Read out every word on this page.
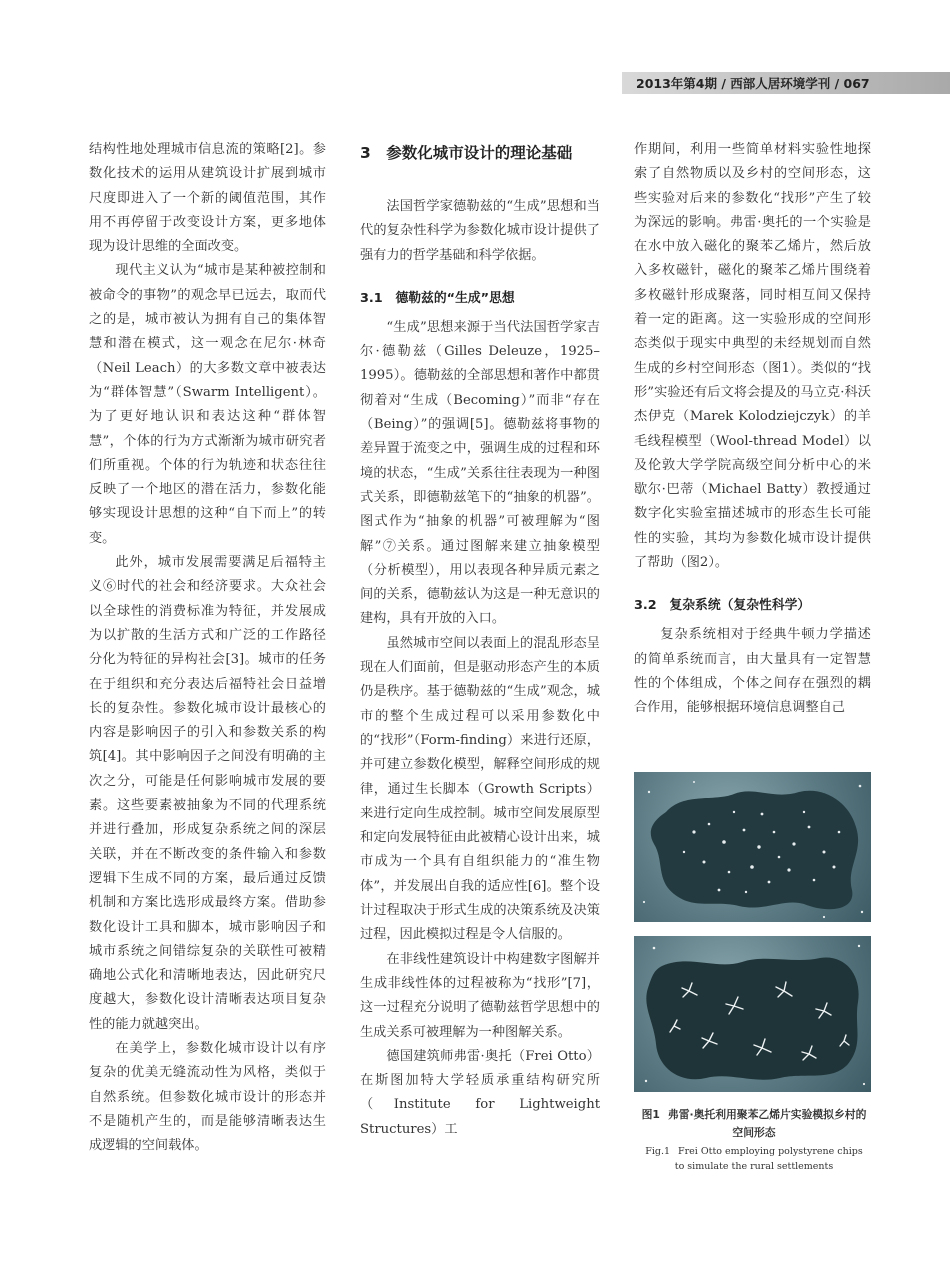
2013年第4期 / 西部人居环境学刊 / 067

结构性地处理城市信息流的策略[2]。参数化技术的运用从建筑设计扩展到城市尺度即进入了一个新的阈值范围，其作用不再停留于改变设计方案，更多地体现为设计思维的全面改变。

现代主义认为“城市是某种被控制和被命令的事物”的观念早已远去，取而代之的是，城市被认为拥有自己的集体智慧和潜在模式，这一观念在尼尔·林奇（Neil Leach）的大多数文章中被表达为“群体智慧”（Swarm Intelligent）。为了更好地认识和表达这种“群体智慧”，个体的行为方式渐渐为城市研究者们所重视。个体的行为轨迹和状态往往反映了一个地区的潜在活力，参数化能够实现设计思想的这种“自下而上”的转变。

此外，城市发展需要满足后福特主义⑥时代的社会和经济要求。大众社会以全球性的消费标准为特征，并发展成为以扩散的生活方式和广泛的工作路径分化为特征的异构社会[3]。城市的任务在于组织和充分表达后福特社会日益增长的复杂性。参数化城市设计最核心的内容是影响因子的引入和参数关系的构筑[4]。其中影响因子之间没有明确的主次之分，可能是任何影响城市发展的要素。这些要素被抽象为不同的代理系统并进行叠加，形成复杂系统之间的深层关联，并在不断改变的条件输入和参数逻辑下生成不同的方案，最后通过反馈机制和方案比选形成最终方案。借助参数化设计工具和脚本，城市影响因子和城市系统之间错综复杂的关联性可被精确地公式化和清晰地表达，因此研究尺度越大，参数化设计清晰表达项目复杂性的能力就越突出。

在美学上，参数化城市设计以有序复杂的优美无缝流动性为风格，类似于自然系统。但参数化城市设计的形态并不是随机产生的，而是能够清晰表达生成逻辑的空间载体。

3　参数化城市设计的理论基础

法国哲学家德勒兹的“生成”思想和当代的复杂性科学为参数化城市设计提供了强有力的哲学基础和科学依据。

3.1　德勒兹的“生成”思想

“生成”思想来源于当代法国哲学家吉尔·德勒兹（Gilles Deleuze，1925–1995）。德勒兹的全部思想和著作中都贯彻着对“生成（Becoming）”而非“存在（Being）”的强调[5]。德勒兹将事物的差异置于流变之中，强调生成的过程和环境的状态，“生成”关系往往表现为一种图式关系，即德勒兹笔下的“抽象的机器”。图式作为“抽象的机器”可被理解为“图解”⑦关系。通过图解来建立抽象模型（分析模型），用以表现各种异质元素之间的关系，德勒兹认为这是一种无意识的建构，具有开放的入口。

虽然城市空间以表面上的混乱形态呈现在人们面前，但是驱动形态产生的本质仍是秩序。基于德勒兹的“生成”观念，城市的整个生成过程可以采用参数化中的“找形”（Form-finding）来进行还原，并可建立参数化模型，解释空间形成的规律，通过生长脚本（Growth Scripts）来进行定向生成控制。城市空间发展原型和定向发展特征由此被精心设计出来，城市成为一个具有自组织能力的“准生物体”，并发展出自我的适应性[6]。整个设计过程取决于形式生成的决策系统及决策过程，因此模拟过程是令人信服的。

在非线性建筑设计中构建数字图解并生成非线性体的过程被称为“找形”[7]，这一过程充分说明了德勒兹哲学思想中的生成关系可被理解为一种图解关系。

德国建筑师弗雷·奥托（Frei Otto）在斯图加特大学轻质承重结构研究所（Institute for Lightweight Structures）工

作期间，利用一些简单材料实验性地探索了自然物质以及乡村的空间形态，这些实验对后来的参数化“找形”产生了较为深远的影响。弗雷·奥托的一个实验是在水中放入磁化的聚苯乙烯片，然后放入多枚磁针，磁化的聚苯乙烯片围绕着多枚磁针形成聚落，同时相互间又保持着一定的距离。这一实验形成的空间形态类似于现实中典型的未经规划而自然生成的乡村空间形态（图1）。类似的“找形”实验还有后文将会提及的马立克·科沃杰伊克（Marek Kolodziejczyk）的羊毛线程模型（Wool-thread Model）以及伦敦大学学院高级空间分析中心的米歇尔·巴蒂（Michael Batty）教授通过数字化实验室描述城市的形态生长可能性的实验，其均为参数化城市设计提供了帮助（图2）。

3.2　复杂系统（复杂性科学）

复杂系统相对于经典牛顿力学描述的简单系统而言，由大量具有一定智慧性的个体组成，个体之间存在强烈的耦合作用，能够根据环境信息调整自己

图1 弗雷·奥托利用聚苯乙烯片实验模拟乡村的空间形态
Fig.1 Frei Otto employing polystyrene chips to simulate the rural settlements
